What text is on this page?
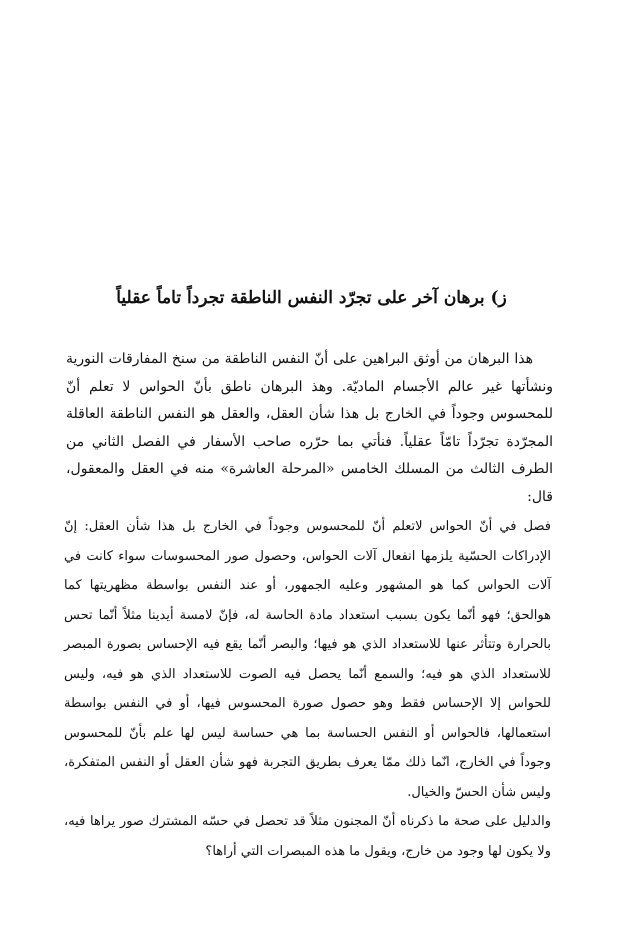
ز) برهان آخر على تجرّد النفس الناطقة تجرداً تاماً عقلياً

هذا البرهان من أوثق البراهين على أنّ النفس الناطقة من سنخ المفارقات النورية ونشأتها غير عالم الأجسام الماديّة. وهذ البرهان ناطق بأنّ الحواس لا تعلم أنّ للمحسوس وجوداً في الخارج بل هذا شأن العقل، والعقل هو النفس الناطقة العاقلة المجرّدة تجرّداً تامّاً عقلياً. فنأتي بما حرّره صاحب الأسفار في الفصل الثاني من الطرف الثالث من المسلك الخامس «المرحلة العاشرة» منه في العقل والمعقول، قال:

فصل في أنّ الحواس لاتعلم أنّ للمحسوس وجوداً في الخارج بل هذا شأن العقل: إنّ الإدراكات الحسّية يلزمها انفعال آلات الحواس، وحصول صور المحسوسات سواء كانت في آلات الحواس كما هو المشهور وعليه الجمهور، أو عند النفس بواسطة مظهريتها كما هوالحق؛ فهو أنّما يكون بسبب استعداد مادة الحاسة له، فإنّ لامسة أيدينا مثلاً أنّما تحس بالحرارة وتتأثر عنها للاستعداد الذي هو فيها؛ والبصر أنّما يقع فيه الإحساس بصورة المبصر للاستعداد الذي هو فيه؛ والسمع أنّما يحصل فيه الصوت للاستعداد الذي هو فيه، وليس للحواس إلا الإحساس فقط وهو حصول صورة المحسوس فيها، أو في النفس بواسطة استعمالها، فالحواس أو النفس الحساسة بما هي حساسة ليس لها علم بأنّ للمحسوس وجوداً في الخارج، انّما ذلك ممّا يعرف بطريق التجربة فهو شأن العقل أو النفس المتفكرة، وليس شأن الحسّ والخيال.

والدليل على صحة ما ذكرناه أنّ المجنون مثلاً قد تحصل في حسّه المشترك صور يراها فيه، ولا يكون لها وجود من خارج، ويقول ما هذه المبصرات التي أراها؟
